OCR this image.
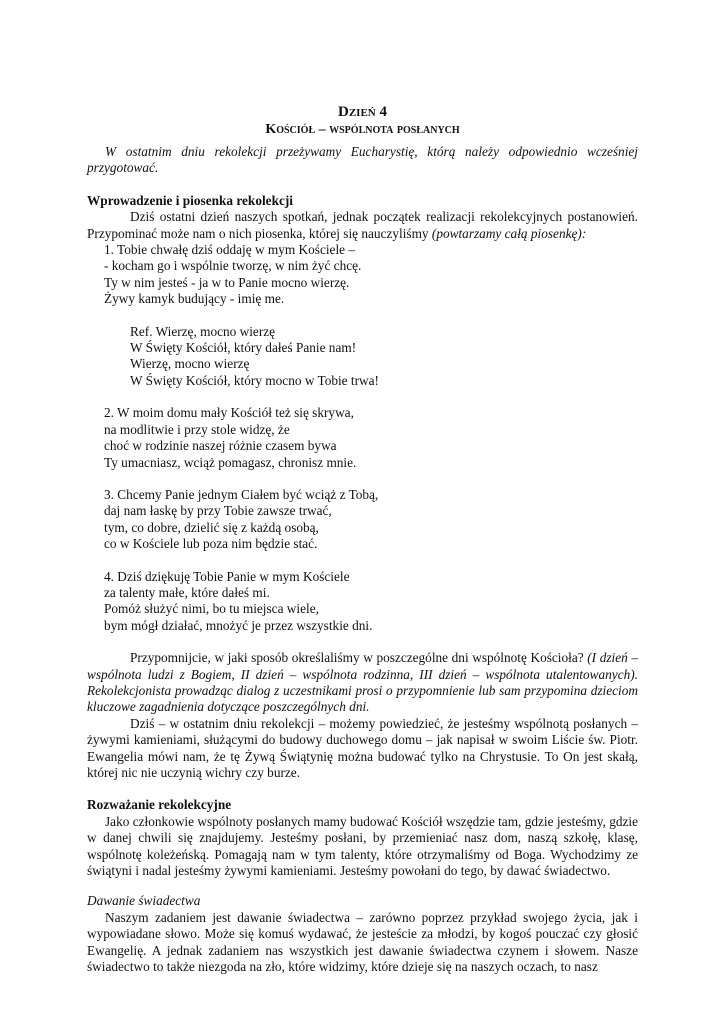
Dzień 4
Kościół – wspólnota posłanych

W ostatnim dniu rekolekcji przeżywamy Eucharystię, którą należy odpowiednio wcześniej przygotować.

Wprowadzenie i piosenka rekolekcji

Dziś ostatni dzień naszych spotkań, jednak początek realizacji rekolekcyjnych postanowień. Przypominać może nam o nich piosenka, której się nauczyliśmy (powtarzamy całą piosenkę):

1. Tobie chwałę dziś oddaję w mym Kościele –
- kocham go i wspólnie tworzę, w nim żyć chcę.
Ty w nim jesteś - ja w to Panie mocno wierzę.
Żywy kamyk budujący - imię me.
Ref. Wierzę, mocno wierzę
W Święty Kościół, który dałeś Panie nam!
Wierzę, mocno wierzę
W Święty Kościół, który mocno w Tobie trwa!
2. W moim domu mały Kościół też się skrywa,
na modlitwie i przy stole widzę, że
choć w rodzinie naszej różnie czasem bywa
Ty umacniasz, wciąż pomagasz, chronisz mnie.
3. Chcemy Panie jednym Ciałem być wciąż z Tobą,
daj nam łaskę by przy Tobie zawsze trwać,
tym, co dobre, dzielić się z każdą osobą,
co w Kościele lub poza nim będzie stać.
4. Dziś dziękuję Tobie Panie w mym Kościele
za talenty małe, które dałeś mi.
Pomóż służyć nimi, bo tu miejsca wiele,
bym mógł działać, mnożyć je przez wszystkie dni.

Przypomnijcie, w jaki sposób określaliśmy w poszczególne dni wspólnotę Kościoła? (I dzień – wspólnota ludzi z Bogiem, II dzień – wspólnota rodzinna, III dzień – wspólnota utalentowanych). Rekolekcjonista prowadząc dialog z uczestnikami prosi o przypomnienie lub sam przypomina dzieciom kluczowe zagadnienia dotyczące poszczególnych dni.

Dziś – w ostatnim dniu rekolekcji – możemy powiedzieć, że jesteśmy wspólnotą posłanych – żywymi kamieniami, służącymi do budowy duchowego domu – jak napisał w swoim Liście św. Piotr. Ewangelia mówi nam, że tę Żywą Świątynię można budować tylko na Chrystusie. To On jest skałą, której nic nie uczynią wichry czy burze.

Rozważanie rekolekcyjne

Jako członkowie wspólnoty posłanych mamy budować Kościół wszędzie tam, gdzie jesteśmy, gdzie w danej chwili się znajdujemy. Jesteśmy posłani, by przemieniać nasz dom, naszą szkołę, klasę, wspólnotę koleżeńską. Pomagają nam w tym talenty, które otrzymaliśmy od Boga. Wychodzimy ze świątyni i nadal jesteśmy żywymi kamieniami. Jesteśmy powołani do tego, by dawać świadectwo.

Dawanie świadectwa

Naszym zadaniem jest dawanie świadectwa – zarówno poprzez przykład swojego życia, jak i wypowiadane słowo. Może się komuś wydawać, że jesteście za młodzi, by kogoś pouczać czy głosić Ewangelię. A jednak zadaniem nas wszystkich jest dawanie świadectwa czynem i słowem. Nasze świadectwo to także niezgoda na zło, które widzimy, które dzieje się na naszych oczach, to nasz
